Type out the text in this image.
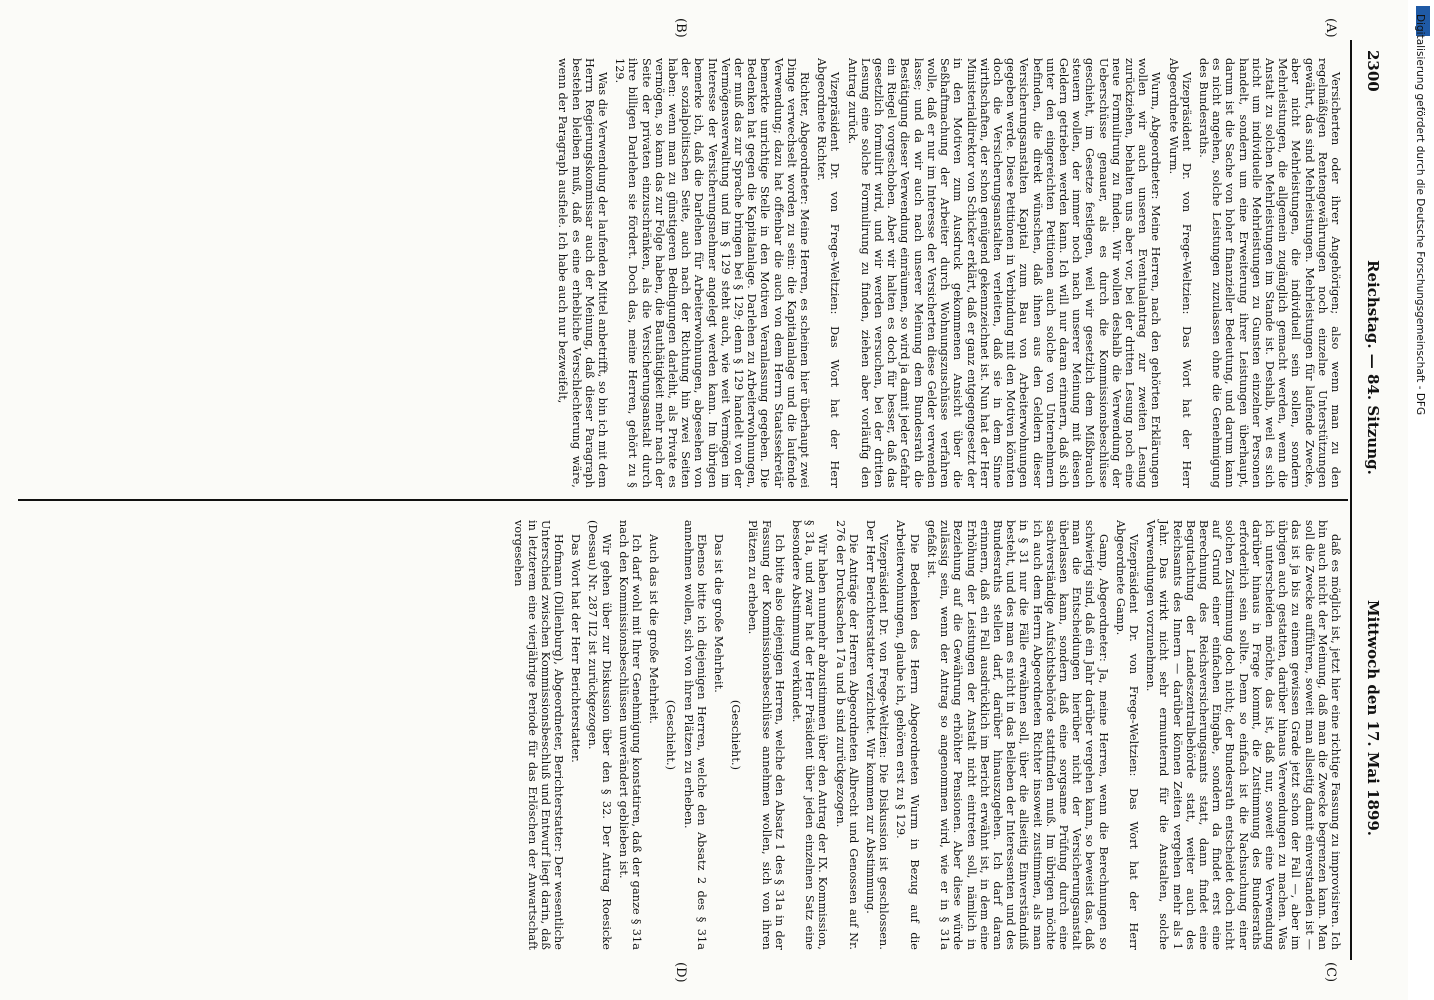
2300
Reichstag. — 84. Sitzung.
Mittwoch den 17. Mai 1899.
(A)
(B)
(C)
(D)

Versicherten oder ihrer Angehörigen; also wenn man zu den regelmäßigen Rentengewährungen noch einzelne Unterstützungen gewährt, das sind Mehrleistungen. Mehrleistungen für laufende Zwecke, aber nicht Mehrleistungen, die individuell sein sollen, sondern Mehrleistungen, die allgemein zugänglich gemacht werden, wenn die Anstalt zu solchen Mehrleistungen im Stande ist. Deshalb, weil es sich nicht um individuelle Mehrleistungen zu Gunsten einzelner Personen handelt, sondern um eine Erweiterung ihrer Leistungen überhaupt, darum ist die Sache von hoher finanzieller Bedeutung, und darum kann es nicht angehen, solche Leistungen zuzulassen ohne die Genehmigung des Bundesraths.

Vizepräsident Dr. von Frege-Weltzien: Das Wort hat der Herr Abgeordnete Wurm.

Wurm, Abgeordneter: Meine Herren, nach den gehörten Erklärungen wollen wir auch unseren Eventualantrag zur zweiten Lesung zurückziehen, behalten uns aber vor, bei der dritten Lesung noch eine neue Formulirung zu finden. Wir wollen deshalb die Verwendung der Ueberschüsse genauer, als es durch die Kommissionsbeschlüsse geschieht, im Gesetze festlegen, weil wir gesetzlich dem Mißbrauch steuern wollen, der immer noch nach unserer Meinung mit diesen Geldern getrieben werden kann. Ich will nur daran erinnern, daß sich unter den eingereichten Petitionen auch solche von Unternehmern befinden, die direkt wünschen, daß ihnen aus den Geldern dieser Versicherungsanstalten Kapital zum Bau von Arbeiterwohnungen gegeben werde. Diese Petitionen in Verbindung mit den Motiven könnten doch die Versicherungsanstalten verleiten, daß sie in dem Sinne wirthschaften, der schon genügend gekennzeichnet ist. Nun hat der Herr Ministerialdirektor von Schicker erklärt, daß er ganz entgegengesetzt der in den Motiven zum Ausdruck gekommenen Ansicht über die Seßhaftmachung der Arbeiter durch Wohnungszuschüsse verfahren wolle, daß er nur im Interesse der Versicherten diese Gelder verwenden lasse; und da wir auch nach unserer Meinung dem Bundesrath die Bestätigung dieser Verwendung einräumen, so wird ja damit jeder Gefahr ein Riegel vorgeschoben. Aber wir halten es doch für besser, daß das gesetzlich formulirt wird, und wir werden versuchen, bei der dritten Lesung eine solche Formulirung zu finden, ziehen aber vorläufig den Antrag zurück.

Vizepräsident Dr. von Frege-Weltzien: Das Wort hat der Herr Abgeordnete Richter.

Richter, Abgeordneter: Meine Herren, es scheinen hier überhaupt zwei Dinge verwechselt worden zu sein: die Kapitalanlage und die laufende Verwendung; dazu hat offenbar die auch von dem Herrn Staatssekretär bemerkte unrichtige Stelle in den Motiven Veranlassung gegeben. Die Bedenken hat gegen die Kapitalanlage. Darlehen zu Arbeiterwohnungen, der muß das zur Sprache bringen bei § 129; denn § 129 handelt von der Vermögensverwaltung und im § 129 steht auch, wie weit Vermögen im Interesse der Versicherungsnehmer angelegt werden kann. Im übrigen bemerke ich, daß die Darlehen für Arbeiterwohnungen, abgesehen von der sozialpolitischen Seite, auch nach der Richtung hin zwei Seiten haben: wenn man zu günstigeren Bedingungen darleiht, als Private es vermögen, so kann das zur Folge haben, die Bauthätigkeit mehr nach der Seite der privaten einzuschränken, als die Versicherungsanstalt durch ihre billigen Darlehen sie fördert. Doch das, meine Herren, gehört zu § 129.

Was die Verwendung der laufenden Mittel anbetrifft, so bin ich mit dem Herrn Regierungskommissar auch der Meinung, daß dieser Paragraph bestehen bleiben muß, daß es eine erhebliche Verschlechterung wäre, wenn der Paragraph ausfiele. Ich habe auch nur bezweifelt,

daß es möglich ist, jetzt hier eine richtige Fassung zu improvisiren. Ich bin auch nicht der Meinung, daß man die Zwecke begrenzen kann. Man soll die Zwecke aufführen, soweit man allseitig damit einverstanden ist — das ist ja bis zu einem gewissen Grade jetzt schon der Fall —, aber im übrigen auch gestatten, darüber hinaus Verwendungen zu machen. Was ich unterscheiden möchte, das ist, daß nur, soweit eine Verwendung darüber hinaus in Frage kommt, die Zustimmung des Bundesraths erforderlich sein sollte. Denn so einfach ist die Nachsuchung einer solchen Zustimmung doch nicht; der Bundesrath entscheidet doch nicht auf Grund einer einfachen Eingabe, sondern da findet erst eine Berechnung des Reichsversicherungsamts statt, dann findet eine Begutachtung der Landeszentralbehörde statt, weiter auch des Reichsamts des Innern — darüber können Zeiten vergehen mehr als 1 Jahr. Das wirkt nicht sehr ermunternd für die Anstalten, solche Verwendungen vorzunehmen.

Vizepräsident Dr. von Frege-Weltzien: Das Wort hat der Herr Abgeordnete Gamp.

Gamp, Abgeordneter: Ja, meine Herren, wenn die Berechnungen so schwierig sind, daß ein Jahr darüber vergehen kann, so beweist das, daß man die Entscheidungen hierüber nicht der Versicherungsanstalt überlassen kann, sondern daß eine sorgsame Prüfung durch eine sachverständige Aufsichtsbehörde stattfinden muß. Im übrigen möchte ich auch dem Herrn Abgeordneten Richter insoweit zustimmen, als man in § 31 nur die Fälle erwähnen soll, über die allseitig Einverständniß besteht, und des man es nicht in das Belieben der Interessenten und des Bundesraths stellen darf, darüber hinauszugehen. Ich darf daran erinnern, daß ein Fall ausdrücklich im Bericht erwähnt ist, in dem eine Erhöhung der Leistungen der Anstalt nicht eintreten soll, nämlich in Beziehung auf die Gewährung erhöhter Pensionen. Aber diese würde zulässig sein, wenn der Antrag so angenommen wird, wie er in § 31a gefaßt ist.

Die Bedenken des Herrn Abgeordneten Wurm in Bezug auf die Arbeiterwohnungen, glaube ich, gehören erst zu § 129.

Vizepräsident Dr. von Frege-Weltzien: Die Diskussion ist geschlossen. Der Herr Berichterstatter verzichtet. Wir kommen zur Abstimmung.

Die Anträge der Herren Abgeordneten Albrecht und Genossen auf Nr. 276 der Drucksachen 17a und b sind zurückgezogen.

Wir haben nunmehr abzustimmen über den Antrag der IX. Kommission, § 31a, und zwar hat der Herr Präsident über jeden einzelnen Satz eine besondere Abstimmung verkündet.

Ich bitte also diejenigen Herren, welche den Absatz 1 des § 31a in der Fassung der Kommissionsbeschlüsse annehmen wollen, sich von ihren Plätzen zu erheben.

(Geschieht.)

Das ist die große Mehrheit.

Ebenso bitte ich diejenigen Herren, welche den Absatz 2 des § 31a annehmen wollen, sich von ihren Plätzen zu erheben.

(Geschieht.)

Auch das ist die große Mehrheit.

Ich darf wohl mit Ihrer Genehmigung konstatiren, daß der ganze § 31a nach den Kommissionsbeschlüssen unverändert geblieben ist.

Wir gehen über zur Diskussion über den § 32. Der Antrag Roesicke (Dessau) Nr. 287 II2 ist zurückgezogen.

Das Wort hat der Herr Berichterstatter.

Hofmann (Dillenburg), Abgeordneter, Berichterstatter: Der wesentliche Unterschied zwischen Kommissionsbeschluß und Entwurf liegt darin, daß in letzterem eine vierjährige Periode für das Erlöschen der Anwartschaft vorgesehen

Digitalisierung gefördert durch die Deutsche Forschungsgemeinschaft - DFG
